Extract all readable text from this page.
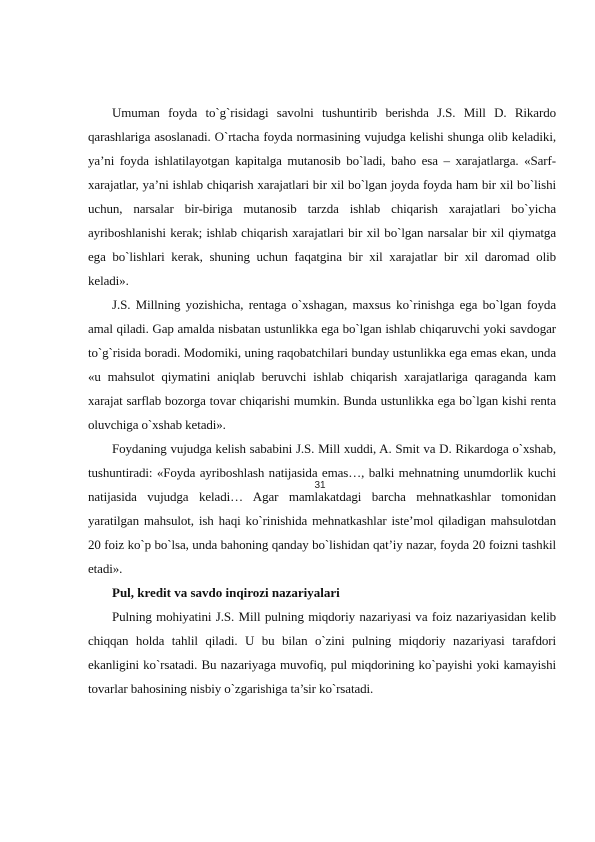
Umuman foyda to`g`risidagi savolni tushuntirib berishda J.S. Mill D. Rikardo qarashlariga asoslanadi. O`rtacha foyda normasining vujudga kelishi shunga olib keladiki, ya’ni foyda ishlatilayotgan kapitalga mutanosib bo`ladi, baho esa – xarajatlarga. «Sarf-xarajatlar, ya’ni ishlab chiqarish xarajatlari bir xil bo`lgan joyda foyda ham bir xil bo`lishi uchun, narsalar bir-biriga mutanosib tarzda ishlab chiqarish xarajatlari bo`yicha ayriboshlanishi kerak; ishlab chiqarish xarajatlari bir xil bo`lgan narsalar bir xil qiymatga ega bo`lishlari kerak, shuning uchun faqatgina bir xil xarajatlar bir xil daromad olib keladi».

J.S. Millning yozishicha, rentaga o`xshagan, maxsus ko`rinishga ega bo`lgan foyda amal qiladi. Gap amalda nisbatan ustunlikka ega bo`lgan ishlab chiqaruvchi yoki savdogar to`g`risida boradi. Modomiki, uning raqobatchilari bunday ustunlikka ega emas ekan, unda «u mahsulot qiymatini aniqlab beruvchi ishlab chiqarish xarajatlariga qaraganda kam xarajat sarflab bozorga tovar chiqarishi mumkin. Bunda ustunlikka ega bo`lgan kishi renta oluvchiga o`xshab ketadi».

Foydaning vujudga kelish sababini J.S. Mill xuddi, A. Smit va D. Rikardoga o`xshab, tushuntiradi: «Foyda ayriboshlash natijasida emas…, balki mehnatning unumdorlik kuchi natijasida vujudga keladi… Agar mamlakatdagi barcha mehnatkashlar tomonidan yaratilgan mahsulot, ish haqi ko`rinishida mehnatkashlar iste’mol qiladigan mahsulotdan 20 foiz ko`p bo`lsa, unda bahoning qanday bo`lishidan qat’iy nazar, foyda 20 foizni tashkil etadi».

Pul, kredit va savdo inqirozi nazariyalari

Pulning mohiyatini J.S. Mill pulning miqdoriy nazariyasi va foiz nazariyasidan kelib chiqqan holda tahlil qiladi. U bu bilan o`zini pulning miqdoriy nazariyasi tarafdori ekanligini ko`rsatadi. Bu nazariyaga muvofiq, pul miqdorining ko`payishi yoki kamayishi tovarlar bahosining nisbiy o`zgarishiga ta’sir ko`rsatadi.

31
